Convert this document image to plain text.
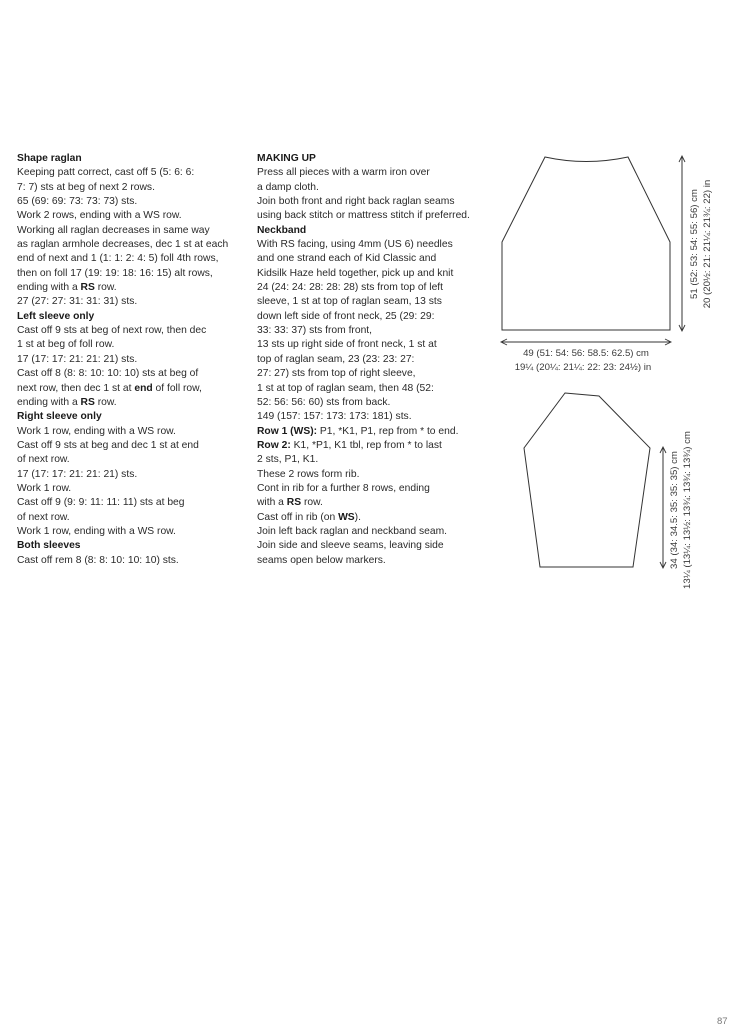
Shape raglan
Keeping patt correct, cast off 5 (5: 6: 6:
7: 7) sts at beg of next 2 rows.
65 (69: 69: 73: 73: 73) sts.
Work 2 rows, ending with a WS row.
Working all raglan decreases in same way
as raglan armhole decreases, dec 1 st at each
end of next and 1 (1: 1: 2: 4: 5) foll 4th rows,
then on foll 17 (19: 19: 18: 16: 15) alt rows,
ending with a RS row.
27 (27: 27: 31: 31: 31) sts.
Left sleeve only
Cast off 9 sts at beg of next row, then dec
1 st at beg of foll row.
17 (17: 17: 21: 21: 21) sts.
Cast off 8 (8: 8: 10: 10: 10) sts at beg of
next row, then dec 1 st at end of foll row,
ending with a RS row.
Right sleeve only
Work 1 row, ending with a WS row.
Cast off 9 sts at beg and dec 1 st at end
of next row.
17 (17: 17: 21: 21: 21) sts.
Work 1 row.
Cast off 9 (9: 9: 11: 11: 11) sts at beg
of next row.
Work 1 row, ending with a WS row.
Both sleeves
Cast off rem 8 (8: 8: 10: 10: 10) sts.
MAKING UP
Press all pieces with a warm iron over
a damp cloth.
Join both front and right back raglan seams
using back stitch or mattress stitch if preferred.
Neckband
With RS facing, using 4mm (US 6) needles
and one strand each of Kid Classic and
Kidsilk Haze held together, pick up and knit
24 (24: 24: 28: 28: 28) sts from top of left
sleeve, 1 st at top of raglan seam, 13 sts
down left side of front neck, 25 (29: 29:
33: 33: 37) sts from front,
13 sts up right side of front neck, 1 st at
top of raglan seam, 23 (23: 23: 27:
27: 27) sts from top of right sleeve,
1 st at top of raglan seam, then 48 (52:
52: 56: 56: 60) sts from back.
149 (157: 157: 173: 173: 181) sts.
Row 1 (WS): P1, *K1, P1, rep from * to end.
Row 2: K1, *P1, K1 tbl, rep from * to last
2 sts, P1, K1.
These 2 rows form rib.
Cont in rib for a further 8 rows, ending
with a RS row.
Cast off in rib (on WS).
Join left back raglan and neckband seam.
Join side and sleeve seams, leaving side
seams open below markers.
49 (51: 54: 56: 58.5: 62.5) cm
19¼ (20¼: 21¼: 22: 23: 24½) in
51 (52: 53: 54: 55: 56) cm 20 (20½: 21: 21¼: 21¾: 22) in
34 (34: 34.5: 35: 35: 35) cm 13¼ (13¼: 13½: 13¾: 13¾: 13¾) cm
87
